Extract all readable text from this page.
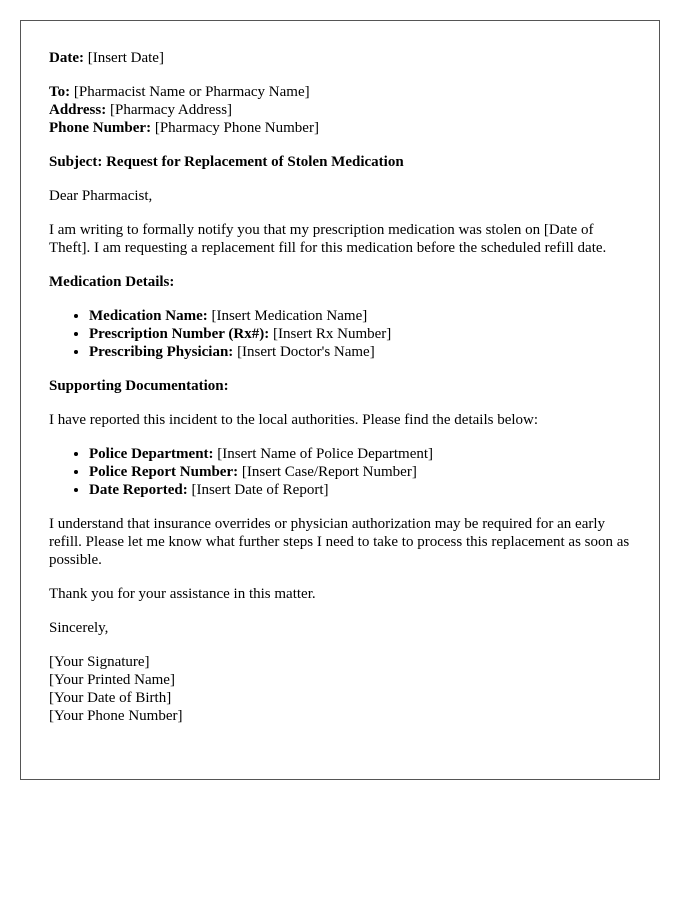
Date: [Insert Date]

To: [Pharmacist Name or Pharmacy Name]
Address: [Pharmacy Address]
Phone Number: [Pharmacy Phone Number]

Subject: Request for Replacement of Stolen Medication

Dear Pharmacist,

I am writing to formally notify you that my prescription medication was stolen on [Date of Theft]. I am requesting a replacement fill for this medication before the scheduled refill date.

Medication Details:

• Medication Name: [Insert Medication Name]
• Prescription Number (Rx#): [Insert Rx Number]
• Prescribing Physician: [Insert Doctor's Name]

Supporting Documentation:

I have reported this incident to the local authorities. Please find the details below:

• Police Department: [Insert Name of Police Department]
• Police Report Number: [Insert Case/Report Number]
• Date Reported: [Insert Date of Report]

I understand that insurance overrides or physician authorization may be required for an early refill. Please let me know what further steps I need to take to process this replacement as soon as possible.

Thank you for your assistance in this matter.

Sincerely,

[Your Signature]
[Your Printed Name]
[Your Date of Birth]
[Your Phone Number]
